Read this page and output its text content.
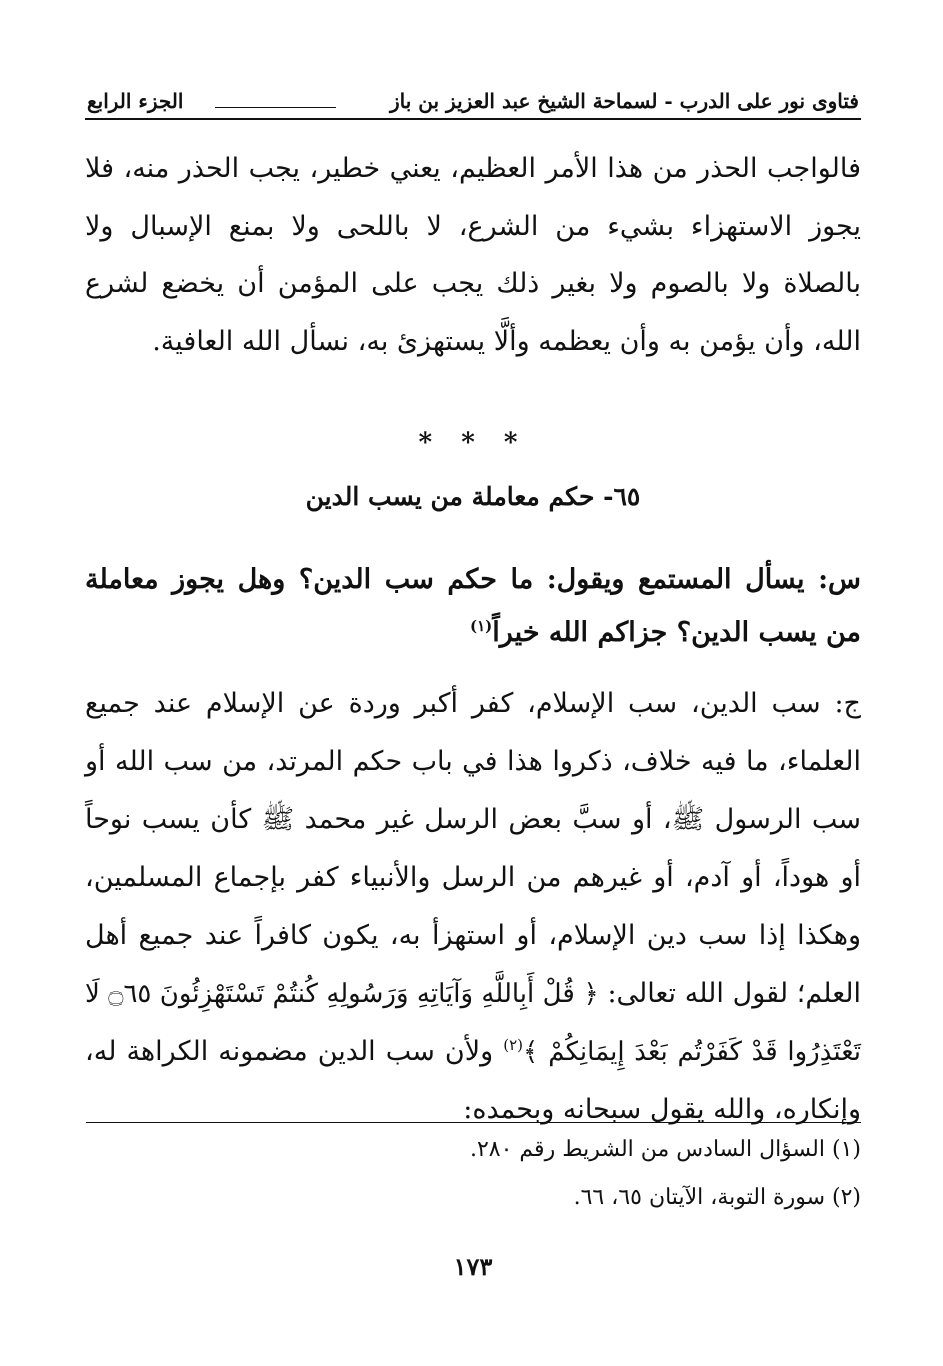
فتاوى نور على الدرب - لسماحة الشيخ عبد العزيز بن باز
الجزء الرابع

فالواجب الحذر من هذا الأمر العظيم، يعني خطير، يجب الحذر منه، فلا يجوز الاستهزاء بشيء من الشرع، لا باللحى ولا بمنع الإسبال ولا بالصلاة ولا بالصوم ولا بغير ذلك يجب على المؤمن أن يخضع لشرع الله، وأن يؤمن به وأن يعظمه وألَّا يستهزئ به، نسأل الله العافية.

* * *
٦٥- حكم معاملة من يسب الدين

س: يسأل المستمع ويقول: ما حكم سب الدين؟ وهل يجوز معاملة من يسب الدين؟ جزاكم الله خيراً$^{(١)}$

ج: سب الدين، سب الإسلام، كفر أكبر وردة عن الإسلام عند جميع العلماء، ما فيه خلاف، ذكروا هذا في باب حكم المرتد، من سب الله أو سب الرسول ﷺ، أو سبَّ بعض الرسل غير محمد ﷺ كأن يسب نوحاً أو هوداً، أو آدم، أو غيرهم من الرسل والأنبياء كفر بإجماع المسلمين، وهكذا إذا سب دين الإسلام، أو استهزأ به، يكون كافراً عند جميع أهل العلم؛ لقول الله تعالى: ﴿ قُلْ أَبِاللَّهِ وَآيَاتِهِ وَرَسُولِهِ كُنتُمْ تَسْتَهْزِئُونَ ۝٦٥ لَا تَعْتَذِرُوا قَدْ كَفَرْتُم بَعْدَ إِيمَانِكُمْ ﴾$^{(٢)}$ ولأن سب الدين مضمونه الكراهة له، وإنكاره، والله يقول سبحانه وبحمده:

(١) السؤال السادس من الشريط رقم ٢٨٠.

(٢) سورة التوبة، الآيتان ٦٥، ٦٦.

١٧٣
